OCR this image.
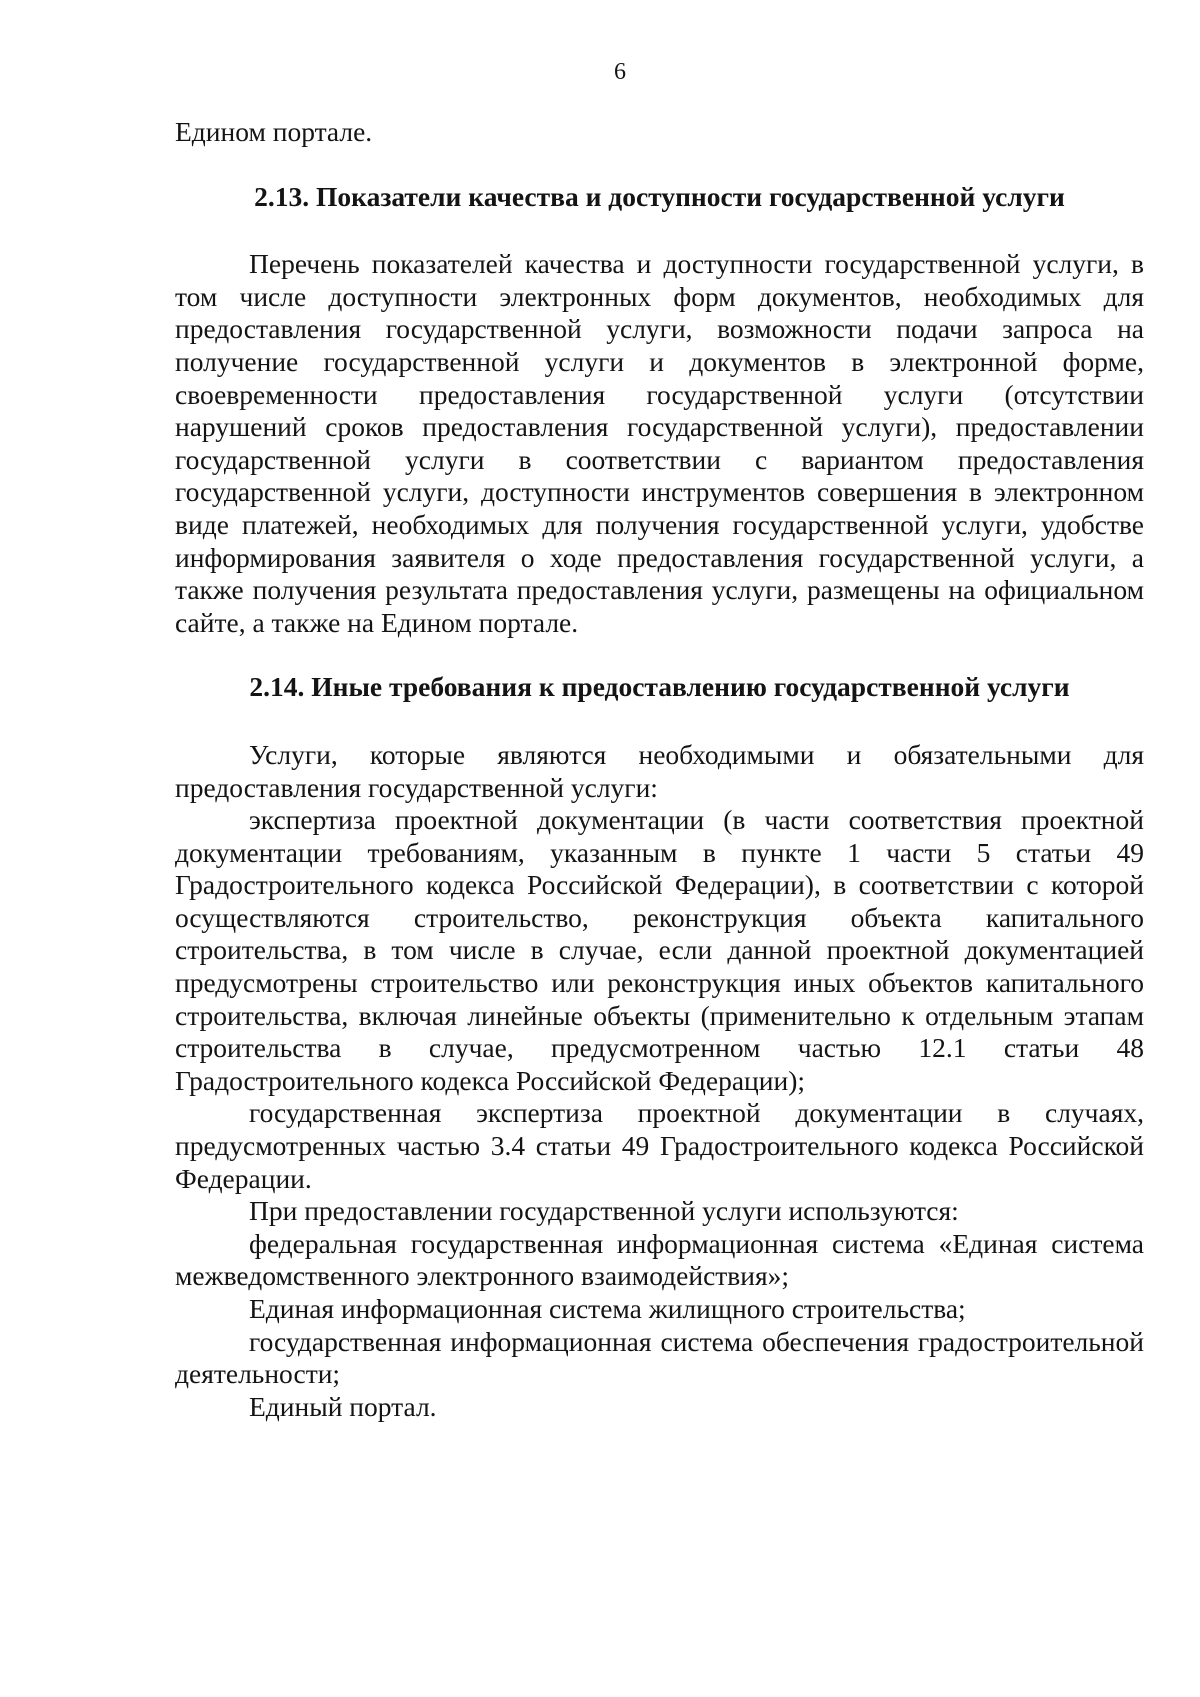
6

Едином портале.

2.13. Показатели качества и доступности государственной услуги

Перечень показателей качества и доступности государственной услуги, в том числе доступности электронных форм документов, необходимых для предоставления государственной услуги, возможности подачи запроса на получение государственной услуги и документов в электронной форме, своевременности предоставления государственной услуги (отсутствии нарушений сроков предоставления государственной услуги), предоставлении государственной услуги в соответствии с вариантом предоставления государственной услуги, доступности инструментов совершения в электронном виде платежей, необходимых для получения государственной услуги, удобстве информирования заявителя о ходе предоставления государственной услуги, а также получения результата предоставления услуги, размещены на официальном сайте, а также на Едином портале.

2.14. Иные требования к предоставлению государственной услуги

Услуги, которые являются необходимыми и обязательными для предоставления государственной услуги:

экспертиза проектной документации (в части соответствия проектной документации требованиям, указанным в пункте 1 части 5 статьи 49 Градостроительного кодекса Российской Федерации), в соответствии с которой осуществляются строительство, реконструкция объекта капитального строительства, в том числе в случае, если данной проектной документацией предусмотрены строительство или реконструкция иных объектов капитального строительства, включая линейные объекты (применительно к отдельным этапам строительства в случае, предусмотренном частью 12.1 статьи 48 Градостроительного кодекса Российской Федерации);

государственная экспертиза проектной документации в случаях, предусмотренных частью 3.4 статьи 49 Градостроительного кодекса Российской Федерации.

При предоставлении государственной услуги используются:

федеральная государственная информационная система «Единая система межведомственного электронного взаимодействия»;

Единая информационная система жилищного строительства;

государственная информационная система обеспечения градостроительной деятельности;

Единый портал.
